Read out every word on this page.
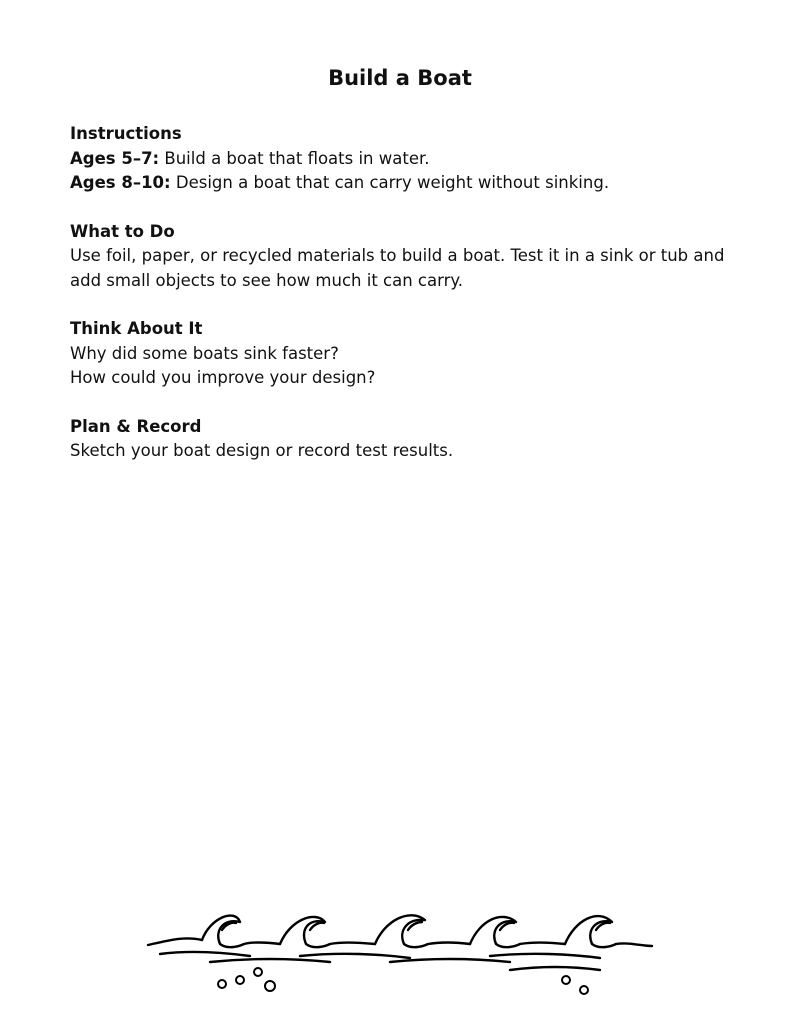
Build a Boat
Instructions
Ages 5–7: Build a boat that floats in water.
Ages 8–10: Design a boat that can carry weight without sinking.
What to Do
Use foil, paper, or recycled materials to build a boat. Test it in a sink or tub and
add small objects to see how much it can carry.
Think About It
Why did some boats sink faster?
How could you improve your design?
Plan & Record
Sketch your boat design or record test results.
